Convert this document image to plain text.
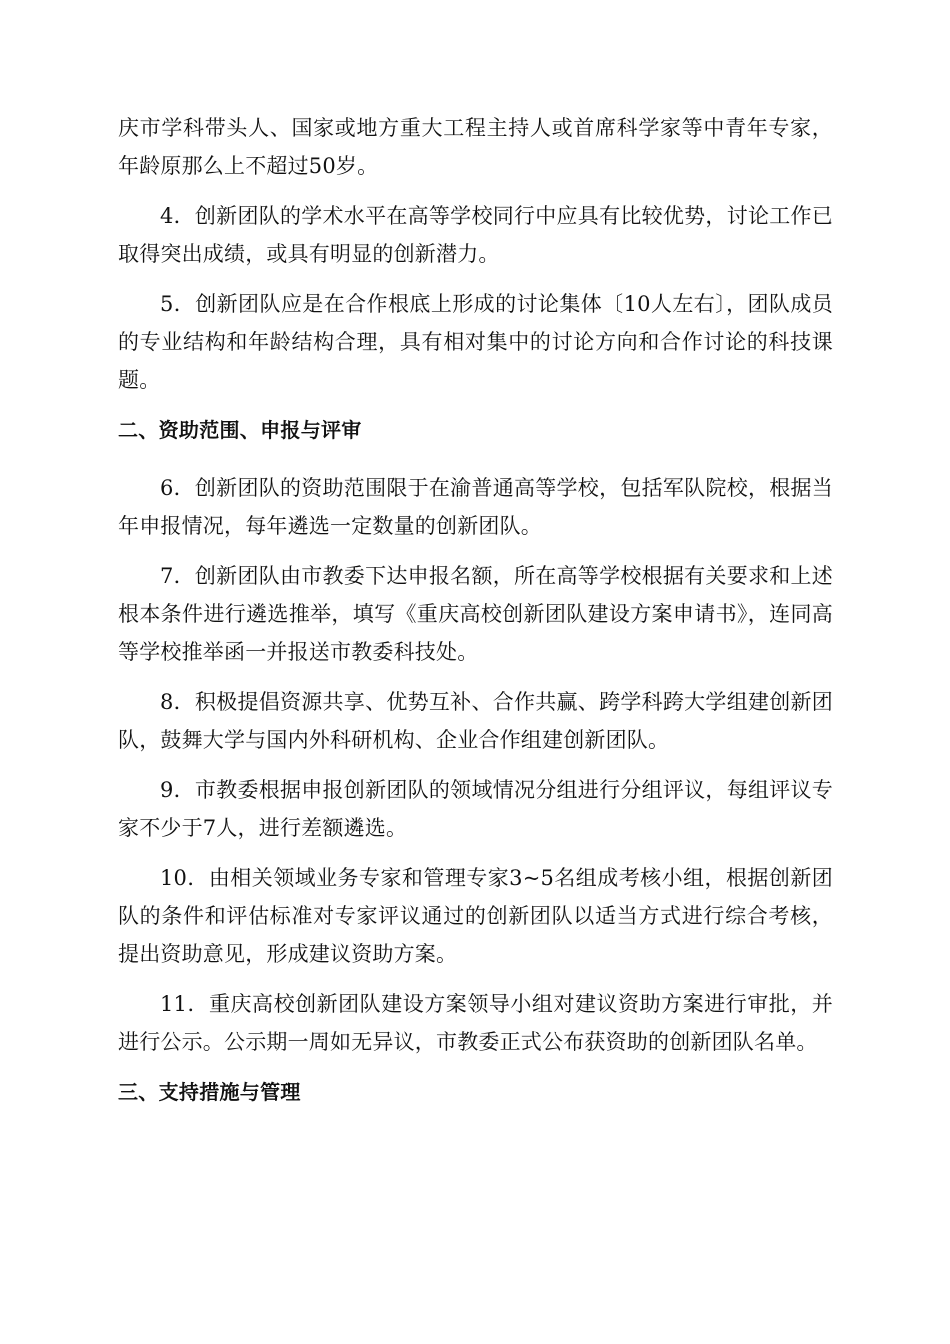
庆市学科带头人、国家或地方重大工程主持人或首席科学家等中青年专家，年龄原那么上不超过50岁。

4．创新团队的学术水平在高等学校同行中应具有比较优势，讨论工作已取得突出成绩，或具有明显的创新潜力。

5．创新团队应是在合作根底上形成的讨论集体〔10人左右〕，团队成员的专业结构和年龄结构合理，具有相对集中的讨论方向和合作讨论的科技课题。

二、资助范围、申报与评审

6．创新团队的资助范围限于在渝普通高等学校，包括军队院校，根据当年申报情况，每年遴选一定数量的创新团队。

7．创新团队由市教委下达申报名额，所在高等学校根据有关要求和上述根本条件进行遴选推举，填写《重庆高校创新团队建设方案申请书》，连同高等学校推举函一并报送市教委科技处。

8．积极提倡资源共享、优势互补、合作共赢、跨学科跨大学组建创新团队，鼓舞大学与国内外科研机构、企业合作组建创新团队。

9．市教委根据申报创新团队的领域情况分组进行分组评议，每组评议专家不少于7人，进行差额遴选。

10．由相关领域业务专家和管理专家3~5名组成考核小组，根据创新团队的条件和评估标准对专家评议通过的创新团队以适当方式进行综合考核，提出资助意见，形成建议资助方案。

11．重庆高校创新团队建设方案领导小组对建议资助方案进行审批，并进行公示。公示期一周如无异议，市教委正式公布获资助的创新团队名单。

三、支持措施与管理
